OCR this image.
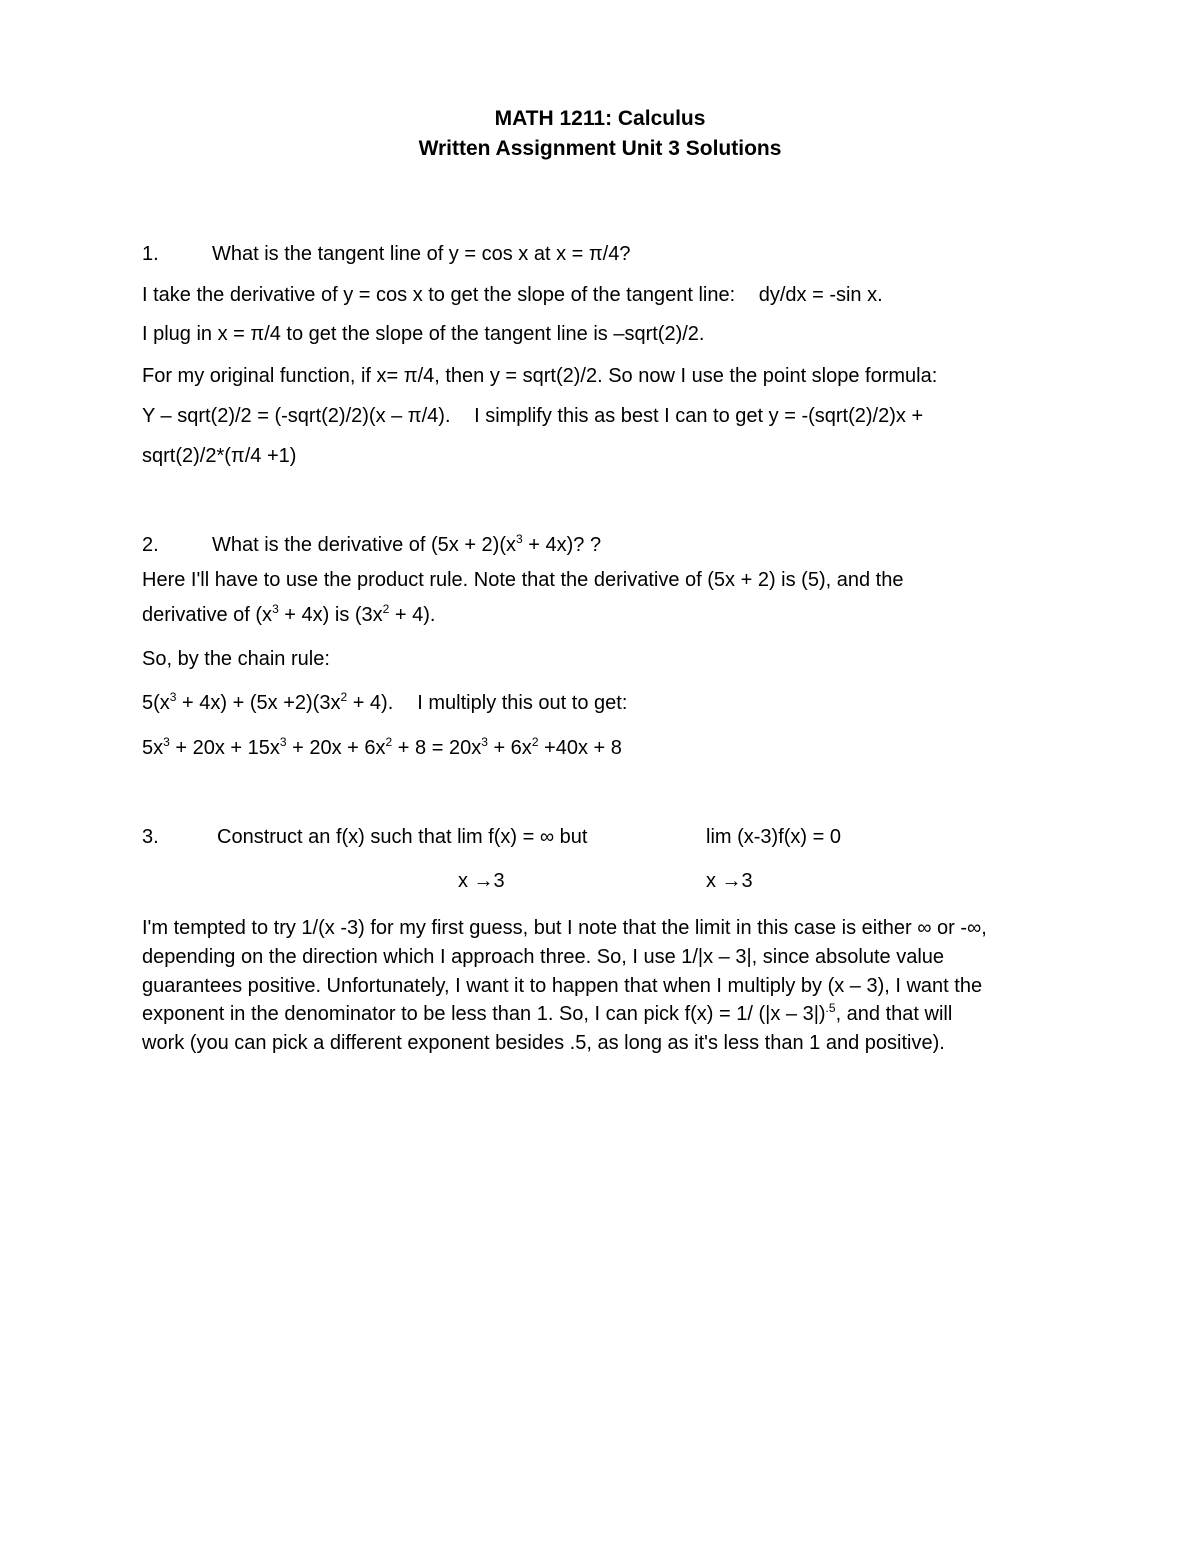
MATH 1211: Calculus
Written Assignment Unit 3 Solutions
1.	What is the tangent line of y = cos x at x = π/4?
I take the derivative of y = cos x to get the slope of the tangent line: dy/dx = -sin x.
I plug in x = π/4 to get the slope of the tangent line is –sqrt(2)/2.
For my original function, if x= π/4, then y = sqrt(2)/2. So now I use the point slope formula:
Y – sqrt(2)/2 = (-sqrt(2)/2)(x – π/4). I simplify this as best I can to get y = -(sqrt(2)/2)x +
sqrt(2)/2*(π/4 +1)
2.	What is the derivative of $(5x + 2)(x^3 + 4x)$? ?
Here I'll have to use the product rule. Note that the derivative of (5x + 2) is (5), and the
derivative of $(x^3 + 4x)$ is $(3x^2 + 4)$.
So, by the chain rule:
$5(x^3 + 4x) + (5x +2)(3x^2 + 4)$. I multiply this out to get:
$5x^3 + 20x + 15x^3 + 20x + 6x^2 + 8 = 20x^3 + 6x^2 +40x + 8$
3.	Construct an f(x) such that lim f(x) = ∞ but	lim (x-3)f(x) = 0
x →3	x →3
I'm tempted to try 1/(x -3) for my first guess, but I note that the limit in this case is either ∞ or -∞,
depending on the direction which I approach three. So, I use 1/|x – 3|, since absolute value
guarantees positive. Unfortunately, I want it to happen that when I multiply by (x – 3), I want the
exponent in the denominator to be less than 1. So, I can pick f(x) = 1/ (|x – 3|)$^{.5}$, and that will
work (you can pick a different exponent besides .5, as long as it's less than 1 and positive).
